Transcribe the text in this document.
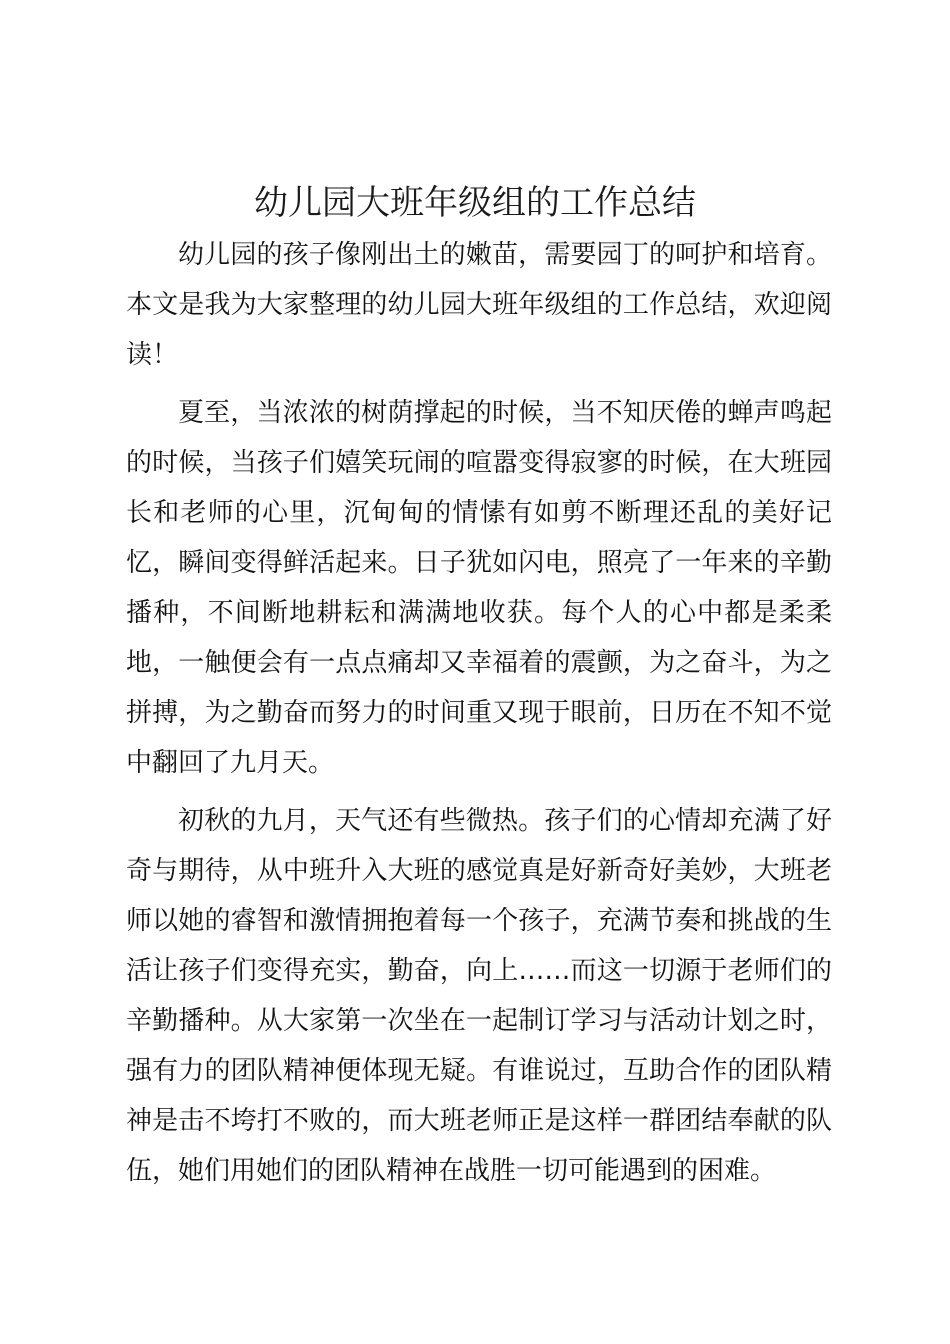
幼儿园大班年级组的工作总结

幼儿园的孩子像刚出土的嫩苗，需要园丁的呵护和培育。本文是我为大家整理的幼儿园大班年级组的工作总结，欢迎阅读！

夏至，当浓浓的树荫撑起的时候，当不知厌倦的蝉声鸣起的时候，当孩子们嬉笑玩闹的喧嚣变得寂寥的时候，在大班园长和老师的心里，沉甸甸的情愫有如剪不断理还乱的美好记忆，瞬间变得鲜活起来。日子犹如闪电，照亮了一年来的辛勤播种，不间断地耕耘和满满地收获。每个人的心中都是柔柔地，一触便会有一点点痛却又幸福着的震颤，为之奋斗，为之拼搏，为之勤奋而努力的时间重又现于眼前，日历在不知不觉中翻回了九月天。

初秋的九月，天气还有些微热。孩子们的心情却充满了好奇与期待，从中班升入大班的感觉真是好新奇好美妙，大班老师以她的睿智和激情拥抱着每一个孩子，充满节奏和挑战的生活让孩子们变得充实，勤奋，向上……而这一切源于老师们的辛勤播种。从大家第一次坐在一起制订学习与活动计划之时，强有力的团队精神便体现无疑。有谁说过，互助合作的团队精神是击不垮打不败的，而大班老师正是这样一群团结奉献的队伍，她们用她们的团队精神在战胜一切可能遇到的困难。
